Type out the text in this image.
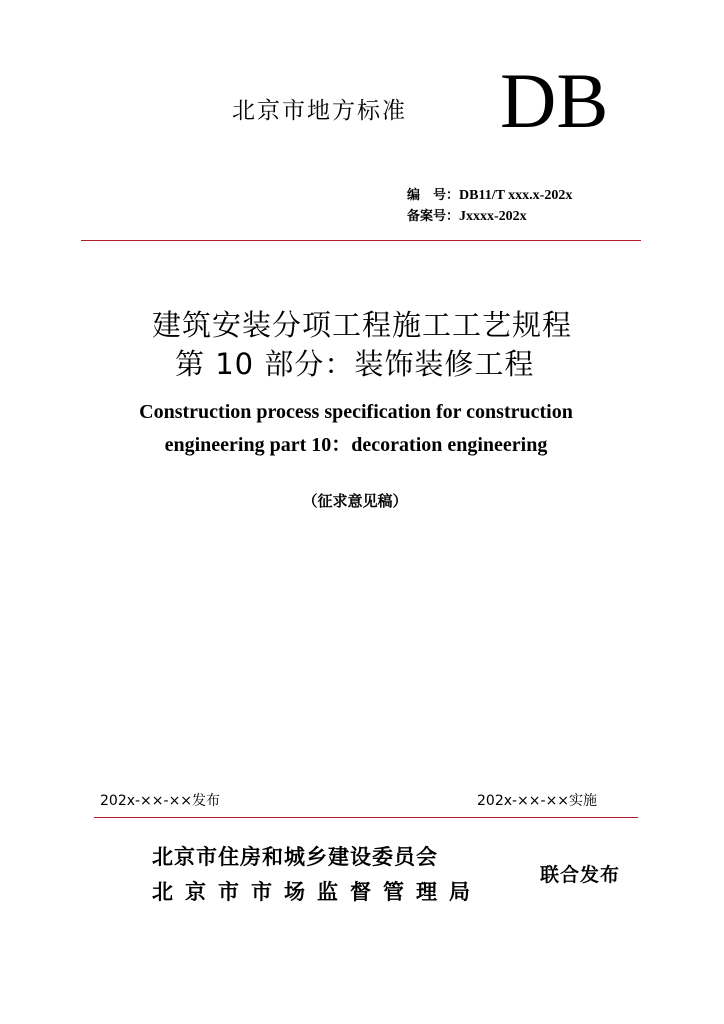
北京市地方标准 DB
编　号：DB11/T xxx.x-202x
备案号：Jxxxx-202x
建筑安装分项工程施工工艺规程
第 10 部分：装饰装修工程
Construction process specification for construction
engineering part 10：decoration engineering
（征求意见稿）
202x-××-××发布	202x-××-××实施
北京市住房和城乡建设委员会
北京市市场监督管理局
联合发布
